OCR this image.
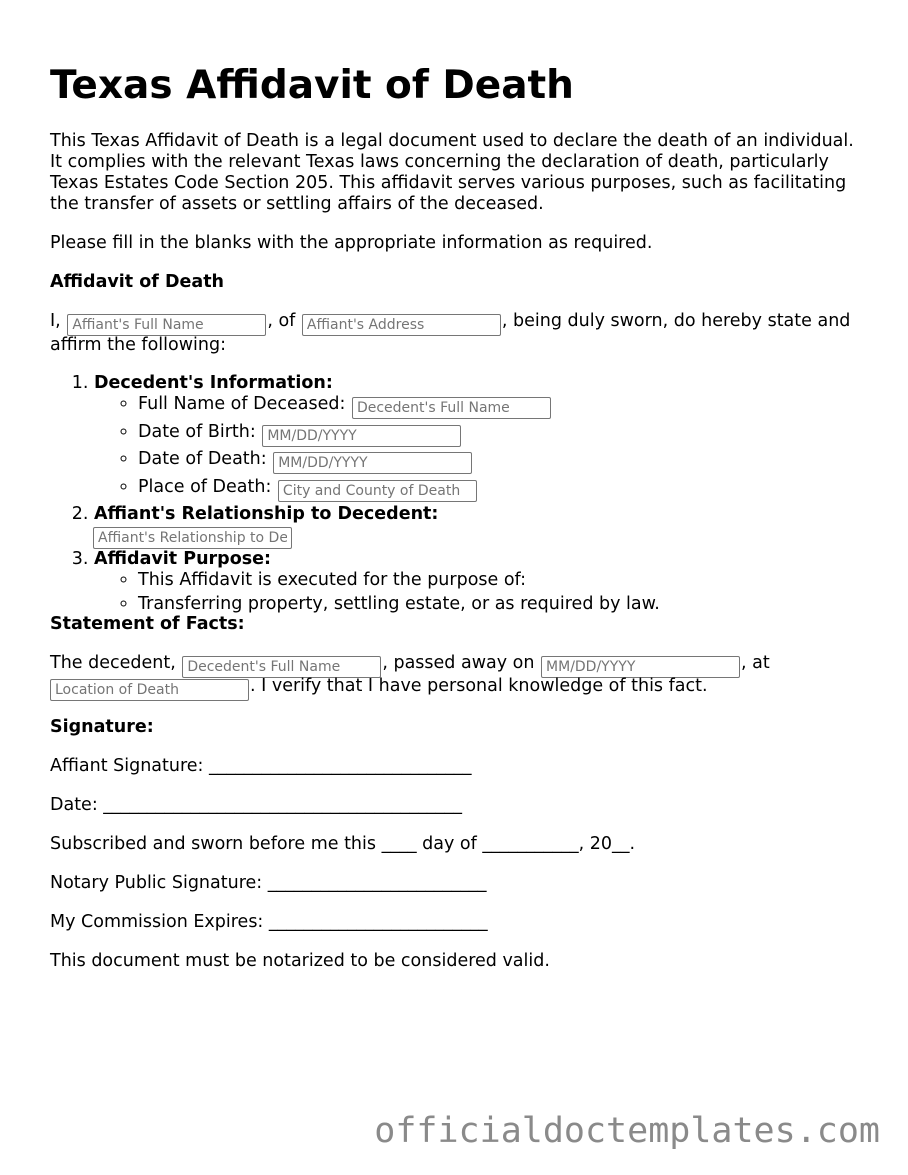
Texas Affidavit of Death

This Texas Affidavit of Death is a legal document used to declare the death of an individual. It complies with the relevant Texas laws concerning the declaration of death, particularly Texas Estates Code Section 205. This affidavit serves various purposes, such as facilitating the transfer of assets or settling affairs of the deceased.

Please fill in the blanks with the appropriate information as required.

Affidavit of Death

I, Affiant's Full Name	, of Affiant's Address	, being duly sworn, do hereby state and

affirm the following:

1. Decedent's Information:
◦ Full Name of Deceased: Decedent's Full Name
◦ Date of Birth: MM/DD/YYYY
◦ Date of Death: MM/DD/YYYY
◦ Place of Death: City and County of Death
2. Affiant's Relationship to Decedent:
Affiant's Relationship to Decedent
3. Affidavit Purpose:
◦ This Affidavit is executed for the purpose of:
◦ Transferring property, settling estate, or as required by law.

Statement of Facts:

The decedent, Decedent's Full Name	, passed away on MM/DD/YYYY	, at

Location of Death. I verify that I have personal knowledge of this fact.

Signature:

Affiant Signature: ______________________________

Date: _________________________________________

Subscribed and sworn before me this ____ day of ___________, 20__.

Notary Public Signature: _________________________

My Commission Expires: _________________________

This document must be notarized to be considered valid.

officialdoctemplates.com
